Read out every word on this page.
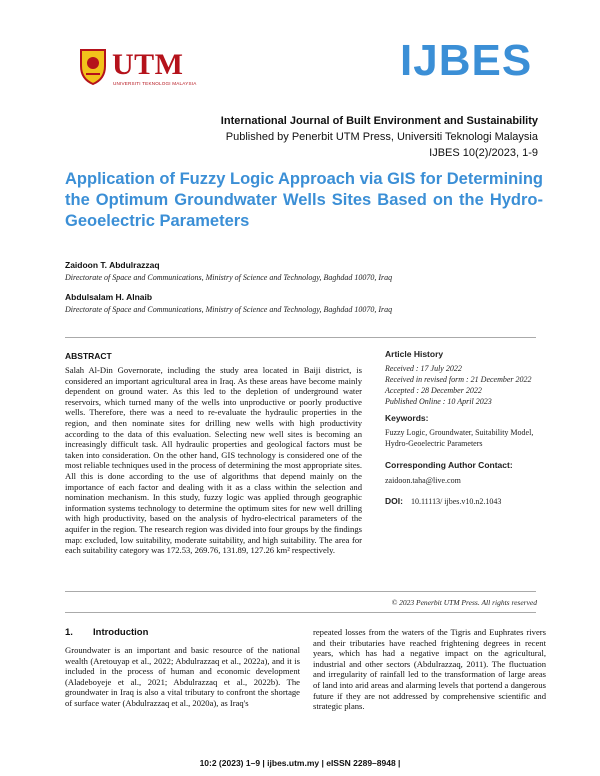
UTM
UNIVERSITI TEKNOLOGI MALAYSIA	IJBES
International Journal of Built Environment and Sustainability
Published by Penerbit UTM Press, Universiti Teknologi Malaysia
IJBES 10(2)/2023, 1-9
Application of Fuzzy Logic Approach via GIS for Determining the Optimum Groundwater Wells Sites Based on the Hydro-Geoelectric Parameters
Zaidoon T. Abdulrazzaq
Directorate of Space and Communications, Ministry of Science and Technology, Baghdad 10070, Iraq
Abdulsalam H. Alnaib
Directorate of Space and Communications, Ministry of Science and Technology, Baghdad 10070, Iraq
ABSTRACT
Salah Al-Din Governorate, including the study area located in Baiji district, is considered an important agricultural area in Iraq. As these areas have become mainly dependent on ground water. As this led to the depletion of underground water reservoirs, which turned many of the wells into unproductive or poorly productive wells. Therefore, there was a need to re-evaluate the hydraulic properties in the region, and then nominate sites for drilling new wells with high productivity according to the data of this evaluation. Selecting new well sites is becoming an increasingly difficult task. All hydraulic properties and geological factors must be taken into consideration. On the other hand, GIS technology is considered one of the most reliable techniques used in the process of determining the most appropriate sites. All this is done according to the use of algorithms that depend mainly on the importance of each factor and dealing with it as a class within the selection and nomination mechanism. In this study, fuzzy logic was applied through geographic information systems technology to determine the optimum sites for new well drilling with high productivity, based on the analysis of hydro-electrical parameters of the aquifer in the region. The research region was divided into four groups by the findings map: excluded, low suitability, moderate suitability, and high suitability. The area for each suitability category was 172.53, 269.76, 131.89, 127.26 km² respectively.
Article History
Received : 17 July 2022
Received in revised form : 21 December 2022
Accepted : 28 December 2022
Published Online : 10 April 2023
Keywords:
Fuzzy Logic, Groundwater, Suitability Model, Hydro-Geoelectric Parameters
Corresponding Author Contact:
zaidoon.taha@live.com
DOI: 10.11113/ ijbes.v10.n2.1043
© 2023 Penerbit UTM Press. All rights reserved
1. Introduction
Groundwater is an important and basic resource of the national wealth (Aretouyap et al., 2022; Abdulrazzaq et al., 2022a), and it is included in the process of human and economic development (Aladeboyeje et al., 2021; Abdulrazzaq et al., 2022b). The groundwater in Iraq is also a vital tributary to confront the shortage of surface water (Abdulrazzaq et al., 2020a), as Iraq's
repeated losses from the waters of the Tigris and Euphrates rivers and their tributaries have reached frightening degrees in recent years, which has had a negative impact on the agricultural, industrial and other sectors (Abdulrazzaq, 2011). The fluctuation and irregularity of rainfall led to the transformation of large areas of land into arid areas and alarming levels that portend a dangerous future if they are not addressed by comprehensive scientific and strategic plans.
10:2 (2023) 1–9 | ijbes.utm.my | eISSN 2289–8948 |
